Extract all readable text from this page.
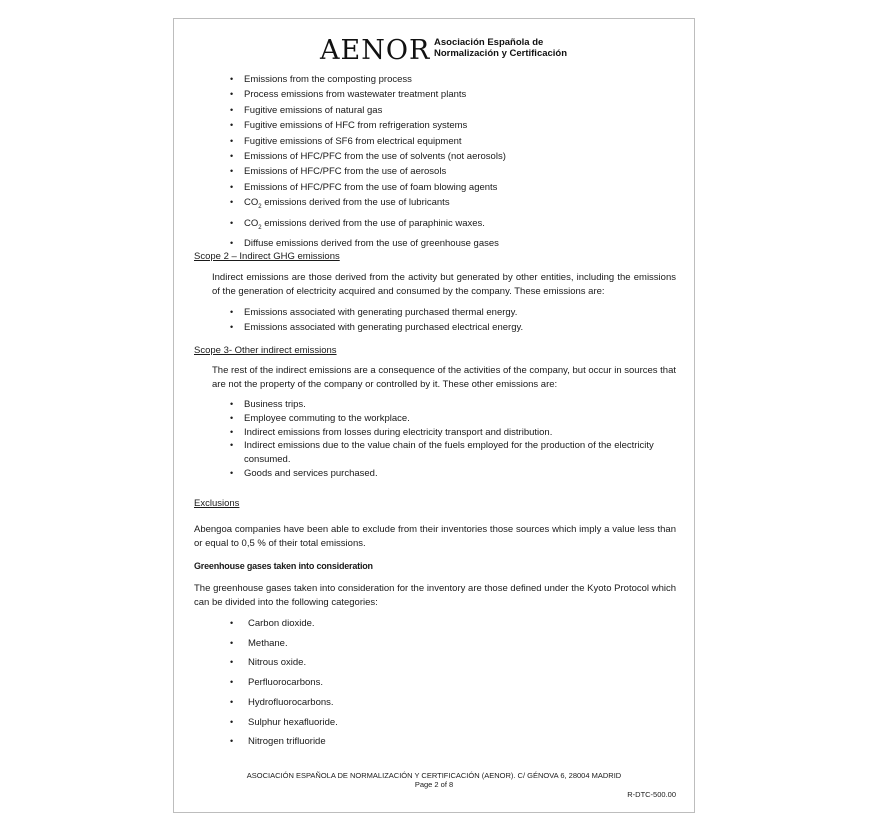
AENOR Asociación Española de
Normalización y Certificación
• Emissions from the composting process
• Process emissions from wastewater treatment plants
• Fugitive emissions of natural gas
• Fugitive emissions of HFC from refrigeration systems
• Fugitive emissions of SF6 from electrical equipment
• Emissions of HFC/PFC from the use of solvents (not aerosols)
• Emissions of HFC/PFC from the use of aerosols
• Emissions of HFC/PFC from the use of foam blowing agents
• $CO_2$ emissions derived from the use of lubricants
• $CO_2$ emissions derived from the use of paraphinic waxes.
• Diffuse emissions derived from the use of greenhouse gases
Scope 2 – Indirect GHG emissions
Indirect emissions are those derived from the activity but generated by other entities, including the emissions of the generation of electricity acquired and consumed by the company. These emissions are:
• Emissions associated with generating purchased thermal energy.
• Emissions associated with generating purchased electrical energy.
Scope 3- Other indirect emissions
The rest of the indirect emissions are a consequence of the activities of the company, but occur in sources that are not the property of the company or controlled by it. These other emissions are:
• Business trips.
• Employee commuting to the workplace.
• Indirect emissions from losses during electricity transport and distribution.
• Indirect emissions due to the value chain of the fuels employed for the production of the electricity consumed.
• Goods and services purchased.
Exclusions
Abengoa companies have been able to exclude from their inventories those sources which imply a value less than or equal to 0,5 % of their total emissions.
Greenhouse gases taken into consideration
The greenhouse gases taken into consideration for the inventory are those defined under the Kyoto Protocol which can be divided into the following categories:
• Carbon dioxide.
• Methane.
• Nitrous oxide.
• Perfluorocarbons.
• Hydrofluorocarbons.
• Sulphur hexafluoride.
• Nitrogen trifluoride
ASOCIACIÓN ESPAÑOLA DE NORMALIZACIÓN Y CERTIFICACIÓN (AENOR). C/ GÉNOVA 6, 28004 MADRID
Page 2 of 8
R-DTC-500.00
